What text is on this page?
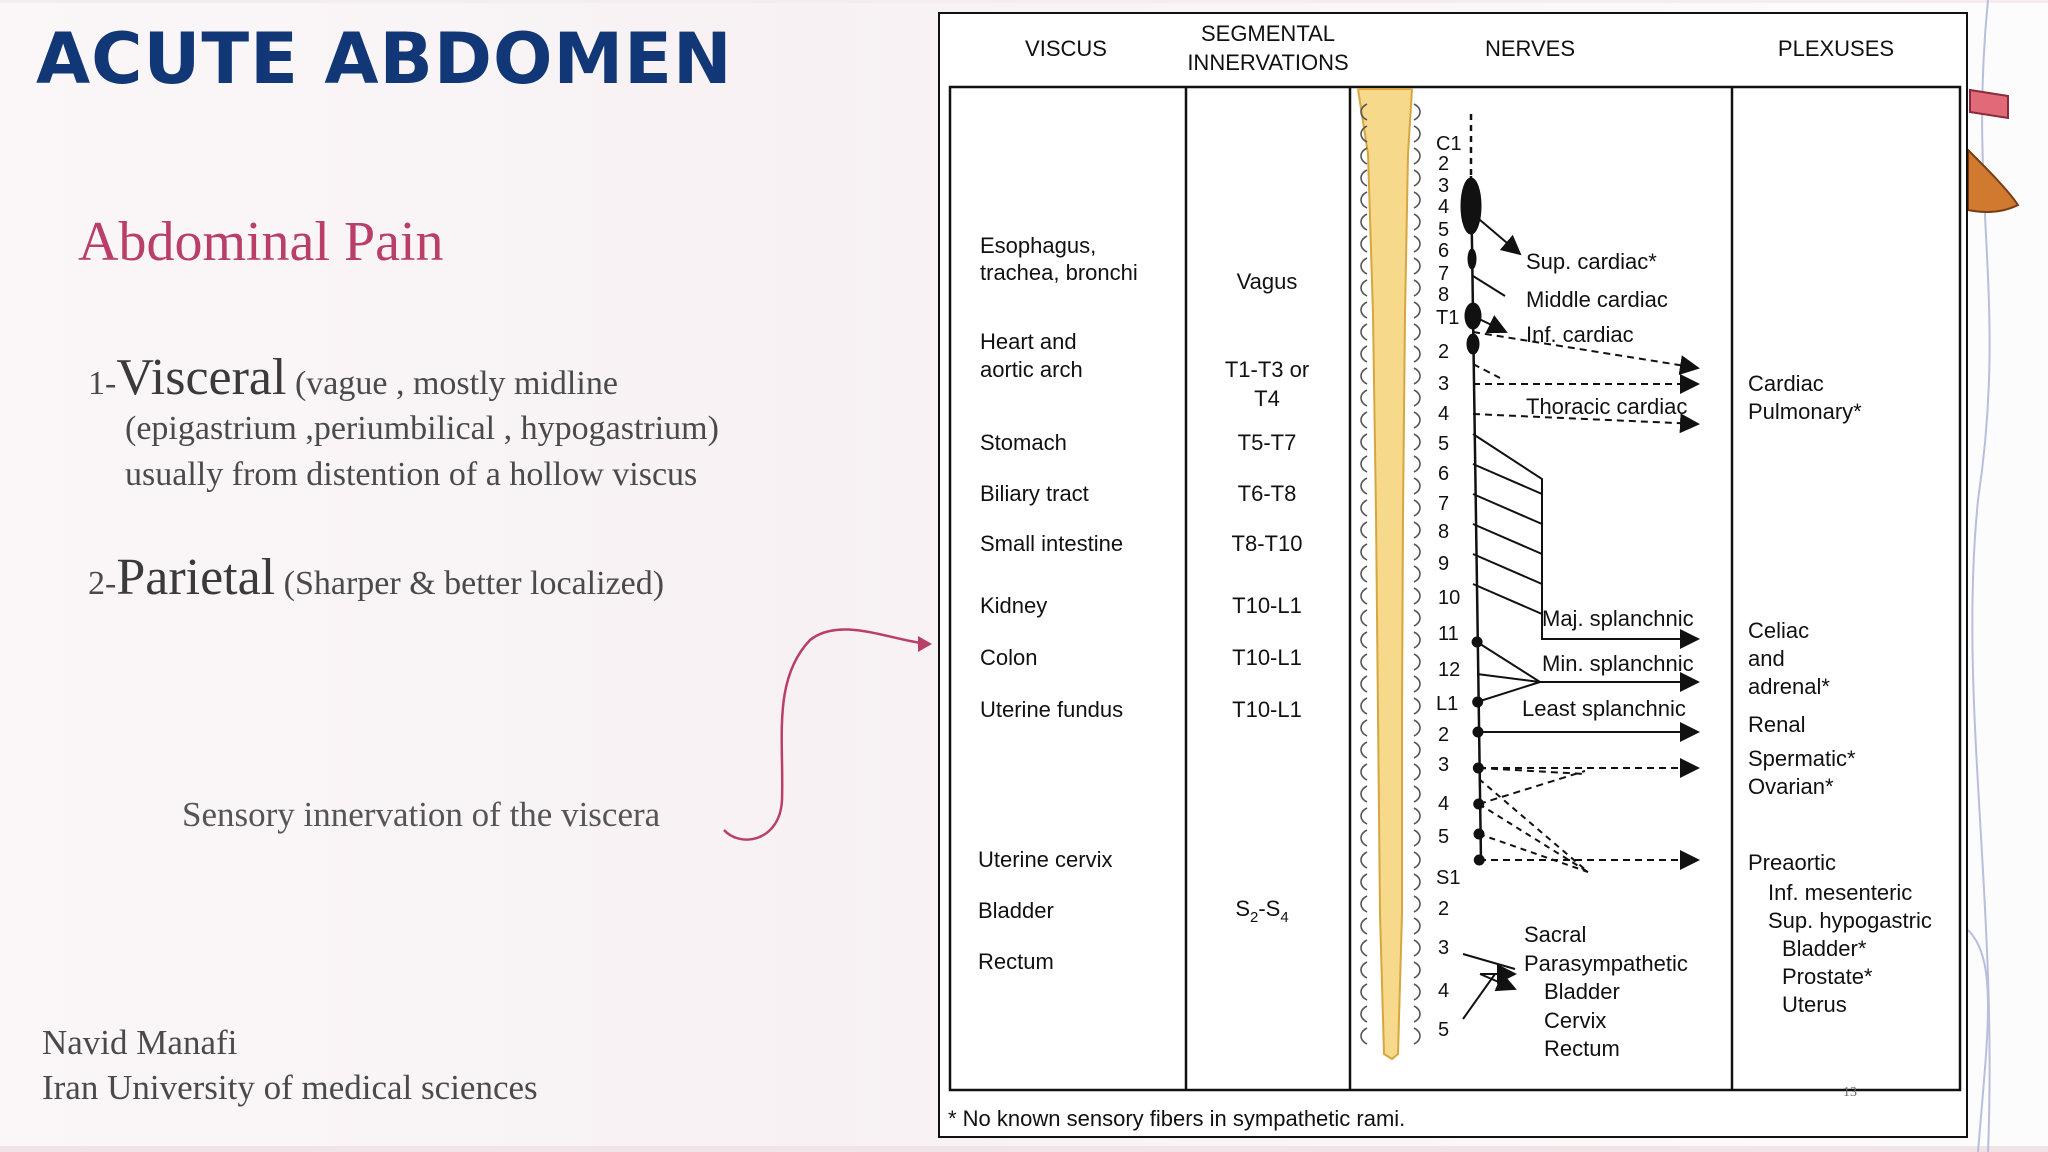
ACUTE ABDOMEN
Abdominal Pain
1-Visceral (vague , mostly midline
(epigastrium ,periumbilical , hypogastrium)
usually from distention of a hollow viscus
2-Parietal (Sharper & better localized)
Sensory innervation of the viscera
Navid Manafi
Iran University of medical sciences
VISCUS
SEGMENTAL
INNERVATIONS
NERVES	PLEXUSES
Esophagus,
trachea, bronchi
Heart and
aortic arch
Stomach
Biliary tract
Small intestine
Kidney
Colon
Uterine fundus
Uterine cervix
Bladder
Rectum
Vagus
T1-T3 or
T4
T5-T7
T6-T8
T8-T10
T10-L1
T10-L1
T10-L1
$S_2-S_4$
C1
2
3
4
5
6
7
8
T1
2
3
4
5
6
7
8
9
10
11
12
L1
2
3
4
5
S1
2
3
4
5
Sup. cardiac*
Middle cardiac
Inf. cardiac
Thoracic cardiac
Maj. splanchnic
Min. splanchnic
Least splanchnic
Sacral
Parasympathetic
Bladder
Cervix
Rectum
Cardiac
Pulmonary*
Celiac
and
adrenal*
Renal
Spermatic*
Ovarian*
Preaortic
Inf. mesenteric
Sup. hypogastric
Bladder*
Prostate*
Uterus
* No known sensory fibers in sympathetic rami.
13
